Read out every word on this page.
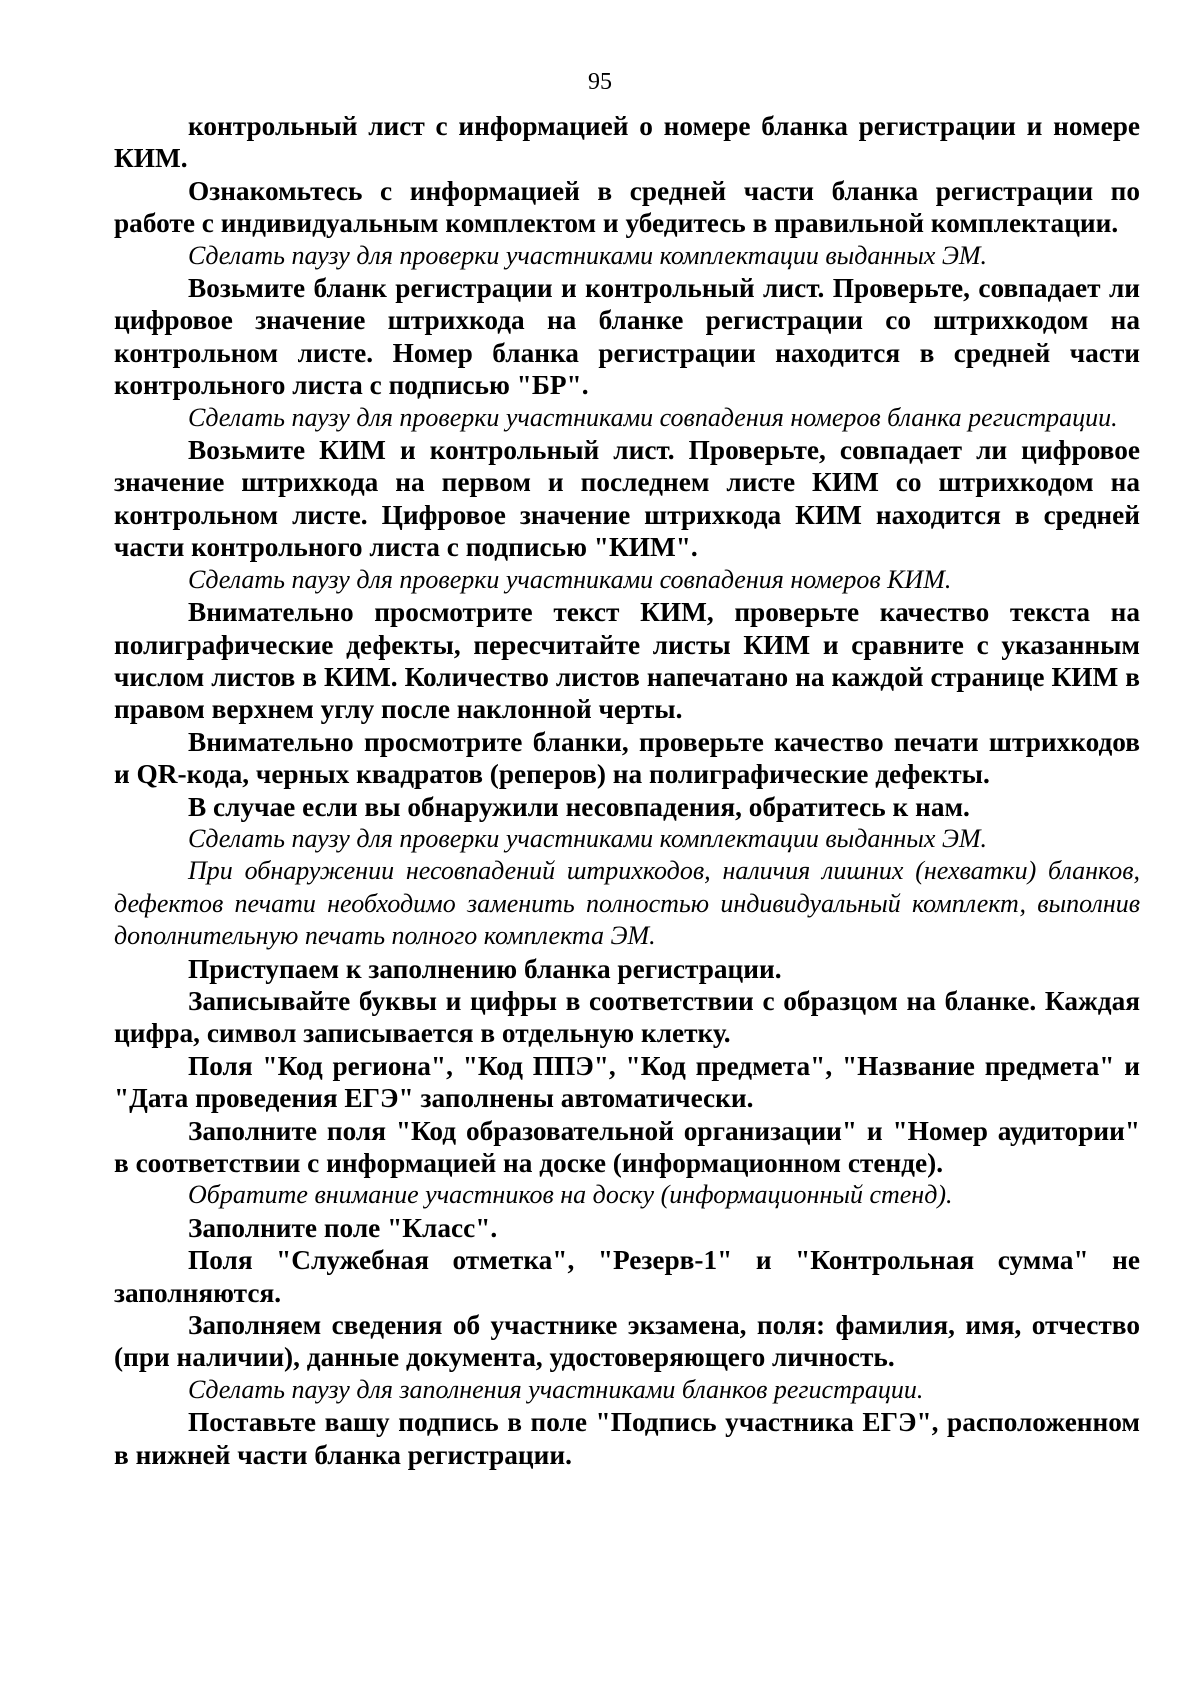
95

контрольный лист с информацией о номере бланка регистрации и номере КИМ.

Ознакомьтесь с информацией в средней части бланка регистрации по работе с индивидуальным комплектом и убедитесь в правильной комплектации.

Сделать паузу для проверки участниками комплектации выданных ЭМ.

Возьмите бланк регистрации и контрольный лист. Проверьте, совпадает ли цифровое значение штрихкода на бланке регистрации со штрихкодом на контрольном листе. Номер бланка регистрации находится в средней части контрольного листа с подписью "БР".

Сделать паузу для проверки участниками совпадения номеров бланка регистрации.

Возьмите КИМ и контрольный лист. Проверьте, совпадает ли цифровое значение штрихкода на первом и последнем листе КИМ со штрихкодом на контрольном листе. Цифровое значение штрихкода КИМ находится в средней части контрольного листа с подписью "КИМ".

Сделать паузу для проверки участниками совпадения номеров КИМ.

Внимательно просмотрите текст КИМ, проверьте качество текста на полиграфические дефекты, пересчитайте листы КИМ и сравните с указанным числом листов в КИМ. Количество листов напечатано на каждой странице КИМ в правом верхнем углу после наклонной черты.

Внимательно просмотрите бланки, проверьте качество печати штрихкодов и QR-кода, черных квадратов (реперов) на полиграфические дефекты.

В случае если вы обнаружили несовпадения, обратитесь к нам.

Сделать паузу для проверки участниками комплектации выданных ЭМ.

При обнаружении несовпадений штрихкодов, наличия лишних (нехватки) бланков, дефектов печати необходимо заменить полностью индивидуальный комплект, выполнив дополнительную печать полного комплекта ЭМ.

Приступаем к заполнению бланка регистрации.

Записывайте буквы и цифры в соответствии с образцом на бланке. Каждая цифра, символ записывается в отдельную клетку.

Поля "Код региона", "Код ППЭ", "Код предмета", "Название предмета" и "Дата проведения ЕГЭ" заполнены автоматически.

Заполните поля "Код образовательной организации" и "Номер аудитории" в соответствии с информацией на доске (информационном стенде).

Обратите внимание участников на доску (информационный стенд).

Заполните поле "Класс".

Поля "Служебная отметка", "Резерв-1" и "Контрольная сумма" не заполняются.

Заполняем сведения об участнике экзамена, поля: фамилия, имя, отчество (при наличии), данные документа, удостоверяющего личность.

Сделать паузу для заполнения участниками бланков регистрации.

Поставьте вашу подпись в поле "Подпись участника ЕГЭ", расположенном в нижней части бланка регистрации.
